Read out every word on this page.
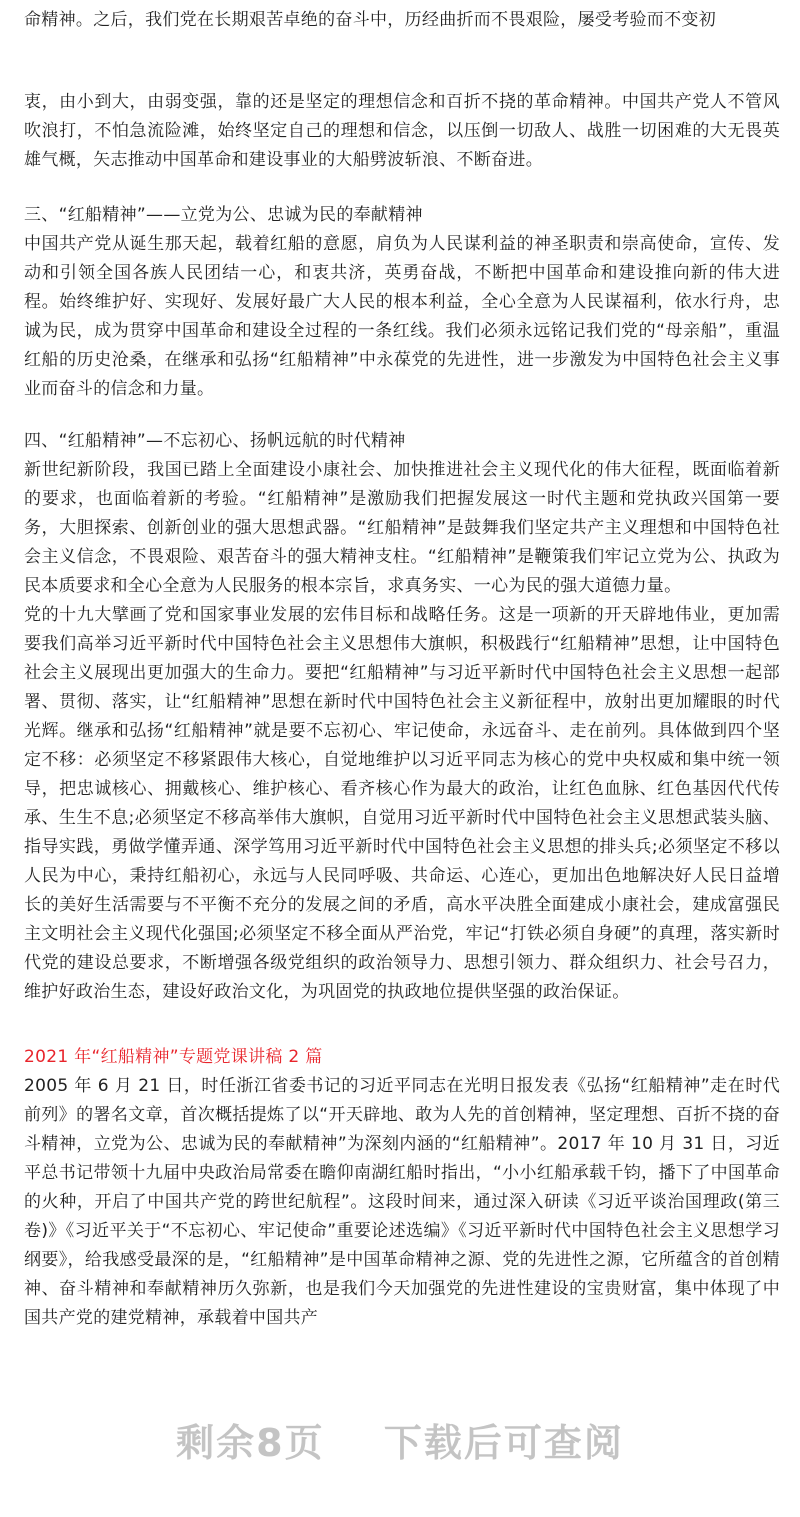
命精神。之后，我们党在长期艰苦卓绝的奋斗中，历经曲折而不畏艰险，屡受考验而不变初

衷，由小到大，由弱变强，靠的还是坚定的理想信念和百折不挠的革命精神。中国共产党人不管风吹浪打，不怕急流险滩，始终坚定自己的理想和信念，以压倒一切敌人、战胜一切困难的大无畏英雄气概，矢志推动中国革命和建设事业的大船劈波斩浪、不断奋进。

三、“红船精神”——立党为公、忠诚为民的奉献精神

中国共产党从诞生那天起，载着红船的意愿，肩负为人民谋利益的神圣职责和崇高使命，宣传、发动和引领全国各族人民团结一心，和衷共济，英勇奋战，不断把中国革命和建设推向新的伟大进程。始终维护好、实现好、发展好最广大人民的根本利益，全心全意为人民谋福利，依水行舟，忠诚为民，成为贯穿中国革命和建设全过程的一条红线。我们必须永远铭记我们党的“母亲船”，重温红船的历史沧桑，在继承和弘扬“红船精神”中永葆党的先进性，进一步激发为中国特色社会主义事业而奋斗的信念和力量。

四、“红船精神”—不忘初心、扬帆远航的时代精神

新世纪新阶段，我国已踏上全面建设小康社会、加快推进社会主义现代化的伟大征程，既面临着新的要求，也面临着新的考验。“红船精神”是激励我们把握发展这一时代主题和党执政兴国第一要务，大胆探索、创新创业的强大思想武器。“红船精神”是鼓舞我们坚定共产主义理想和中国特色社会主义信念，不畏艰险、艰苦奋斗的强大精神支柱。“红船精神”是鞭策我们牢记立党为公、执政为民本质要求和全心全意为人民服务的根本宗旨，求真务实、一心为民的强大道德力量。

党的十九大擘画了党和国家事业发展的宏伟目标和战略任务。这是一项新的开天辟地伟业，更加需要我们高举习近平新时代中国特色社会主义思想伟大旗帜，积极践行“红船精神”思想，让中国特色社会主义展现出更加强大的生命力。要把“红船精神”与习近平新时代中国特色社会主义思想一起部署、贯彻、落实，让“红船精神”思想在新时代中国特色社会主义新征程中，放射出更加耀眼的时代光辉。继承和弘扬“红船精神”就是要不忘初心、牢记使命，永远奋斗、走在前列。具体做到四个坚定不移：必须坚定不移紧跟伟大核心，自觉地维护以习近平同志为核心的党中央权威和集中统一领导，把忠诚核心、拥戴核心、维护核心、看齐核心作为最大的政治，让红色血脉、红色基因代代传承、生生不息;必须坚定不移高举伟大旗帜，自觉用习近平新时代中国特色社会主义思想武装头脑、指导实践，勇做学懂弄通、深学笃用习近平新时代中国特色社会主义思想的排头兵;必须坚定不移以人民为中心，秉持红船初心，永远与人民同呼吸、共命运、心连心，更加出色地解决好人民日益增长的美好生活需要与不平衡不充分的发展之间的矛盾，高水平决胜全面建成小康社会，建成富强民主文明社会主义现代化强国;必须坚定不移全面从严治党，牢记“打铁必须自身硬”的真理，落实新时代党的建设总要求，不断增强各级党组织的政治领导力、思想引领力、群众组织力、社会号召力，维护好政治生态，建设好政治文化，为巩固党的执政地位提供坚强的政治保证。

2021 年“红船精神”专题党课讲稿 2 篇

2005 年 6 月 21 日，时任浙江省委书记的习近平同志在光明日报发表《弘扬“红船精神”走在时代前列》的署名文章，首次概括提炼了以“开天辟地、敢为人先的首创精神，坚定理想、百折不挠的奋斗精神，立党为公、忠诚为民的奉献精神”为深刻内涵的“红船精神”。2017 年 10 月 31 日，习近平总书记带领十九届中央政治局常委在瞻仰南湖红船时指出，“小小红船承载千钧，播下了中国革命的火种，开启了中国共产党的跨世纪航程”。这段时间来，通过深入研读《习近平谈治国理政(第三卷)》《习近平关于“不忘初心、牢记使命”重要论述选编》《习近平新时代中国特色社会主义思想学习纲要》，给我感受最深的是，“红船精神”是中国革命精神之源、党的先进性之源，它所蕴含的首创精神、奋斗精神和奉献精神历久弥新，也是我们今天加强党的先进性建设的宝贵财富，集中体现了中国共产党的建党精神，承载着中国共产

剩余8页 下载后可查阅
